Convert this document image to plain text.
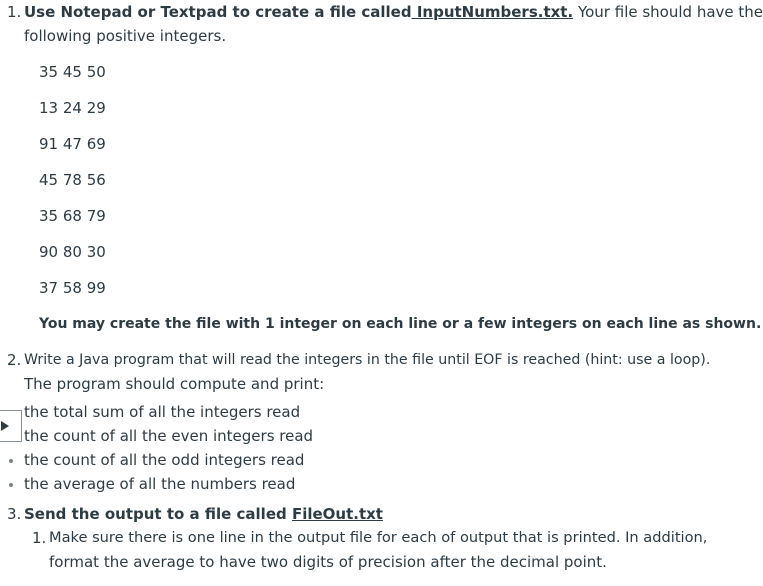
1. Use Notepad or Textpad to create a file called InputNumbers.txt. Your file should have the
following positive integers.
35 45 50
13 24 29
91 47 69
45 78 56
35 68 79
90 80 30
37 58 99
You may create the file with 1 integer on each line or a few integers on each line as shown.
2. Write a Java program that will read the integers in the file until EOF is reached (hint: use a loop).
The program should compute and print:
the total sum of all the integers read
the count of all the even integers read
the count of all the odd integers read
the average of all the numbers read
3. Send the output to a file called FileOut.txt
1. Make sure there is one line in the output file for each of output that is printed. In addition,
format the average to have two digits of precision after the decimal point.
